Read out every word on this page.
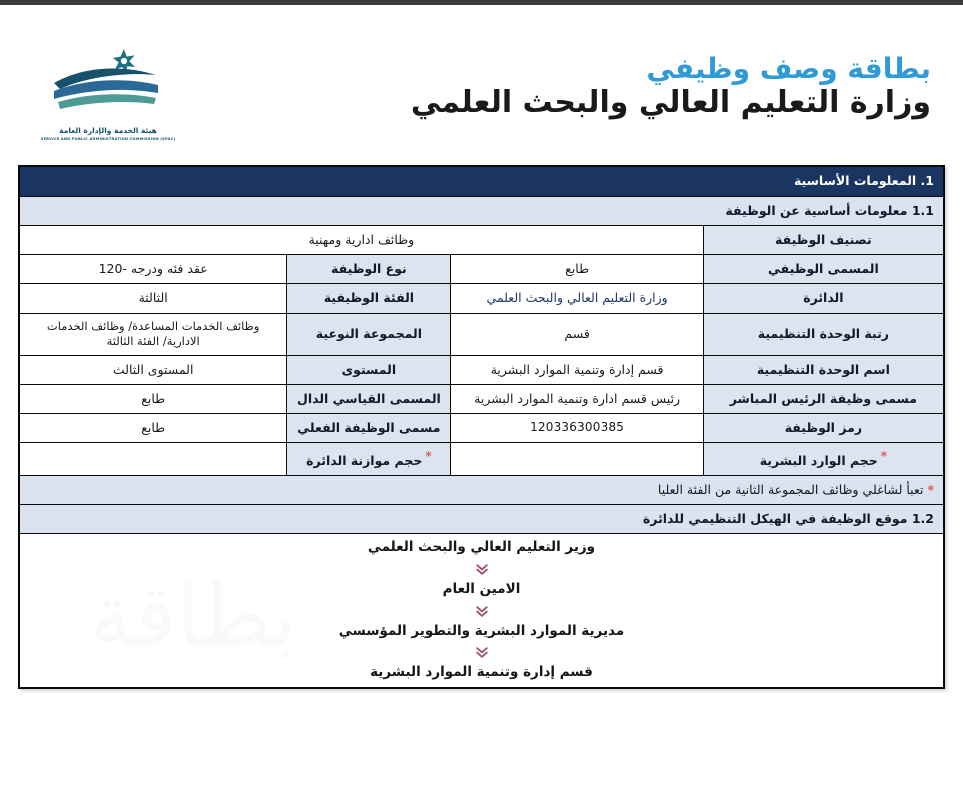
بطاقة وصف وظيفي
وزارة التعليم العالي والبحث العلمي
هيئة الخدمة والإدارة العامة
SERVICE AND PUBLIC ADMINISTRATION COMMISSION (SPAC)
1. المعلومات الأساسية			
1.1 معلومات أساسية عن الوظيفة			
تصنيف الوظيفة	وظائف ادارية ومهنية		
المسمى الوظيفي	طابع	نوع الوظيفة	عقد فئه ودرجه -120
الدائرة	وزارة التعليم العالي والبحث العلمي	الفئة الوظيفية	الثالثة
رتبة الوحدة التنظيمية	قسم	المجموعة النوعية	وظائف الخدمات المساعدة/ وظائف الخدمات الادارية/ الفئة الثالثة
اسم الوحدة التنظيمية	قسم إدارة وتنمية الموارد البشرية	المستوى	المستوى الثالث
مسمى وظيفة الرئيس المباشر	رئيس قسم ادارة وتنمية الموارد البشرية	المسمى القياسي الدال	طابع
رمز الوظيفة	120336300385	مسمى الوظيفة الفعلي	طابع
*حجم الوارد البشرية		*حجم موازنة الدائرة	
* تعبأ لشاغلي وظائف المجموعة الثانية من الفئة العليا			
1.2 موقع الوظيفة في الهيكل التنظيمي للدائرة			

وزير التعليم العالي والبحث العلمي
الامين العام
مديرية الموارد البشرية والتطوير المؤسسي
قسم إدارة وتنمية الموارد البشرية			
